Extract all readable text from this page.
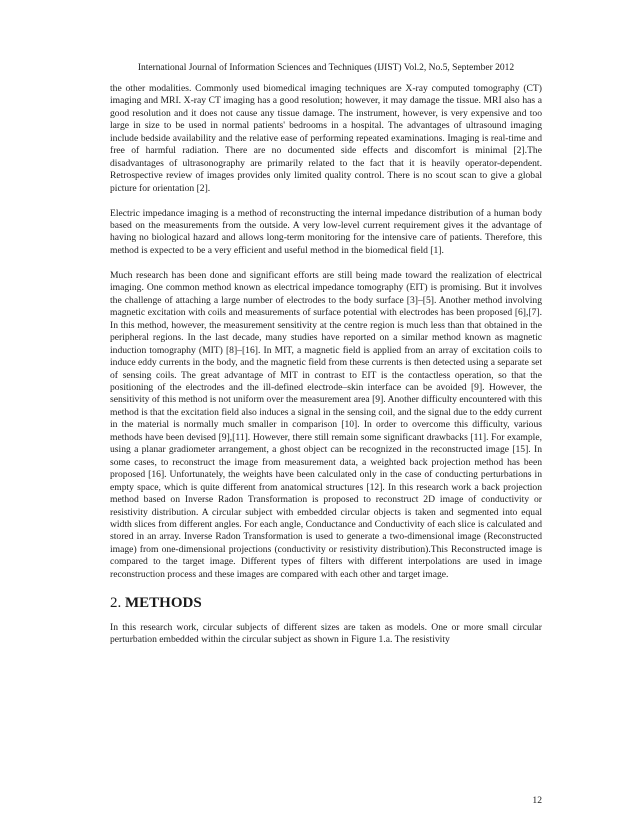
International Journal of Information Sciences and Techniques (IJIST) Vol.2, No.5, September 2012

the other modalities. Commonly used biomedical imaging techniques are X-ray computed tomography (CT) imaging and MRI. X-ray CT imaging has a good resolution; however, it may damage the tissue. MRI also has a good resolution and it does not cause any tissue damage. The instrument, however, is very expensive and too large in size to be used in normal patients' bedrooms in a hospital. The advantages of ultrasound imaging include bedside availability and the relative ease of performing repeated examinations. Imaging is real-time and free of harmful radiation. There are no documented side effects and discomfort is minimal [2].The disadvantages of ultrasonography are primarily related to the fact that it is heavily operator-dependent. Retrospective review of images provides only limited quality control. There is no scout scan to give a global picture for orientation [2].

Electric impedance imaging is a method of reconstructing the internal impedance distribution of a human body based on the measurements from the outside. A very low-level current requirement gives it the advantage of having no biological hazard and allows long-term monitoring for the intensive care of patients. Therefore, this method is expected to be a very efficient and useful method in the biomedical field [1].

Much research has been done and significant efforts are still being made toward the realization of electrical imaging. One common method known as electrical impedance tomography (EIT) is promising. But it involves the challenge of attaching a large number of electrodes to the body surface [3]–[5]. Another method involving magnetic excitation with coils and measurements of surface potential with electrodes has been proposed [6],[7]. In this method, however, the measurement sensitivity at the centre region is much less than that obtained in the peripheral regions. In the last decade, many studies have reported on a similar method known as magnetic induction tomography (MIT) [8]–[16]. In MIT, a magnetic field is applied from an array of excitation coils to induce eddy currents in the body, and the magnetic field from these currents is then detected using a separate set of sensing coils. The great advantage of MIT in contrast to EIT is the contactless operation, so that the positioning of the electrodes and the ill-defined electrode–skin interface can be avoided [9]. However, the sensitivity of this method is not uniform over the measurement area [9]. Another difficulty encountered with this method is that the excitation field also induces a signal in the sensing coil, and the signal due to the eddy current in the material is normally much smaller in comparison [10]. In order to overcome this difficulty, various methods have been devised [9],[11]. However, there still remain some significant drawbacks [11]. For example, using a planar gradiometer arrangement, a ghost object can be recognized in the reconstructed image [15]. In some cases, to reconstruct the image from measurement data, a weighted back projection method has been proposed [16]. Unfortunately, the weights have been calculated only in the case of conducting perturbations in empty space, which is quite different from anatomical structures [12]. In this research work a back projection method based on Inverse Radon Transformation is proposed to reconstruct 2D image of conductivity or resistivity distribution. A circular subject with embedded circular objects is taken and segmented into equal width slices from different angles. For each angle, Conductance and Conductivity of each slice is calculated and stored in an array. Inverse Radon Transformation is used to generate a two-dimensional image (Reconstructed image) from one-dimensional projections (conductivity or resistivity distribution).This Reconstructed image is compared to the target image. Different types of filters with different interpolations are used in image reconstruction process and these images are compared with each other and target image.

2. METHODS

In this research work, circular subjects of different sizes are taken as models. One or more small circular perturbation embedded within the circular subject as shown in Figure 1.a. The resistivity

12
